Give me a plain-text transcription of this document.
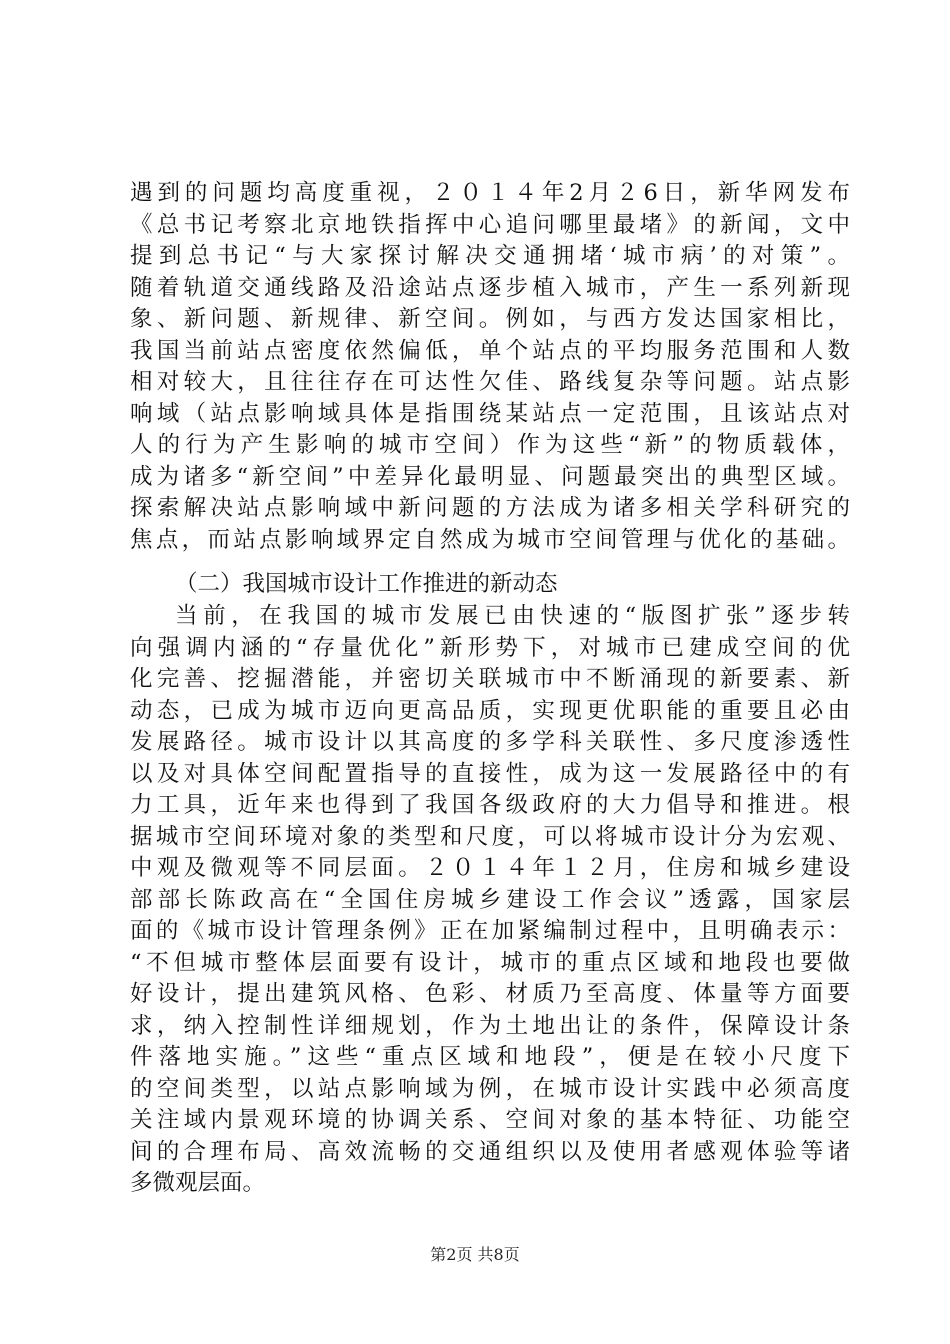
遇到的问题均高度重视，２０１４年2月２6日，新华网发布
《总书记考察北京地铁指挥中心追问哪里最堵》的新闻，文中
提到总书记“与大家探讨解决交通拥堵‘城市病’的对策”。
随着轨道交通线路及沿途站点逐步植入城市，产生一系列新现
象、新问题、新规律、新空间。例如，与西方发达国家相比，
我国当前站点密度依然偏低，单个站点的平均服务范围和人数
相对较大，且往往存在可达性欠佳、路线复杂等问题。站点影
响域（站点影响域具体是指围绕某站点一定范围，且该站点对
人的行为产生影响的城市空间）作为这些“新”的物质载体，
成为诸多“新空间”中差异化最明显、问题最突出的典型区域。
探索解决站点影响域中新问题的方法成为诸多相关学科研究的
焦点，而站点影响域界定自然成为城市空间管理与优化的基础。
（二）我国城市设计工作推进的新动态
当前，在我国的城市发展已由快速的“版图扩张”逐步转
向强调内涵的“存量优化”新形势下，对城市已建成空间的优
化完善、挖掘潜能，并密切关联城市中不断涌现的新要素、新
动态，已成为城市迈向更高品质，实现更优职能的重要且必由
发展路径。城市设计以其高度的多学科关联性、多尺度渗透性
以及对具体空间配置指导的直接性，成为这一发展路径中的有
力工具，近年来也得到了我国各级政府的大力倡导和推进。根
据城市空间环境对象的类型和尺度，可以将城市设计分为宏观、
中观及微观等不同层面。２０１４年１２月，住房和城乡建设
部部长陈政高在“全国住房城乡建设工作会议”透露，国家层
面的《城市设计管理条例》正在加紧编制过程中，且明确表示：
“不但城市整体层面要有设计，城市的重点区域和地段也要做
好设计，提出建筑风格、色彩、材质乃至高度、体量等方面要
求，纳入控制性详细规划，作为土地出让的条件，保障设计条
件落地实施。”这些“重点区域和地段”，便是在较小尺度下
的空间类型，以站点影响域为例，在城市设计实践中必须高度
关注域内景观环境的协调关系、空间对象的基本特征、功能空
间的合理布局、高效流畅的交通组织以及使用者感观体验等诸
多微观层面。
第2页 共8页
